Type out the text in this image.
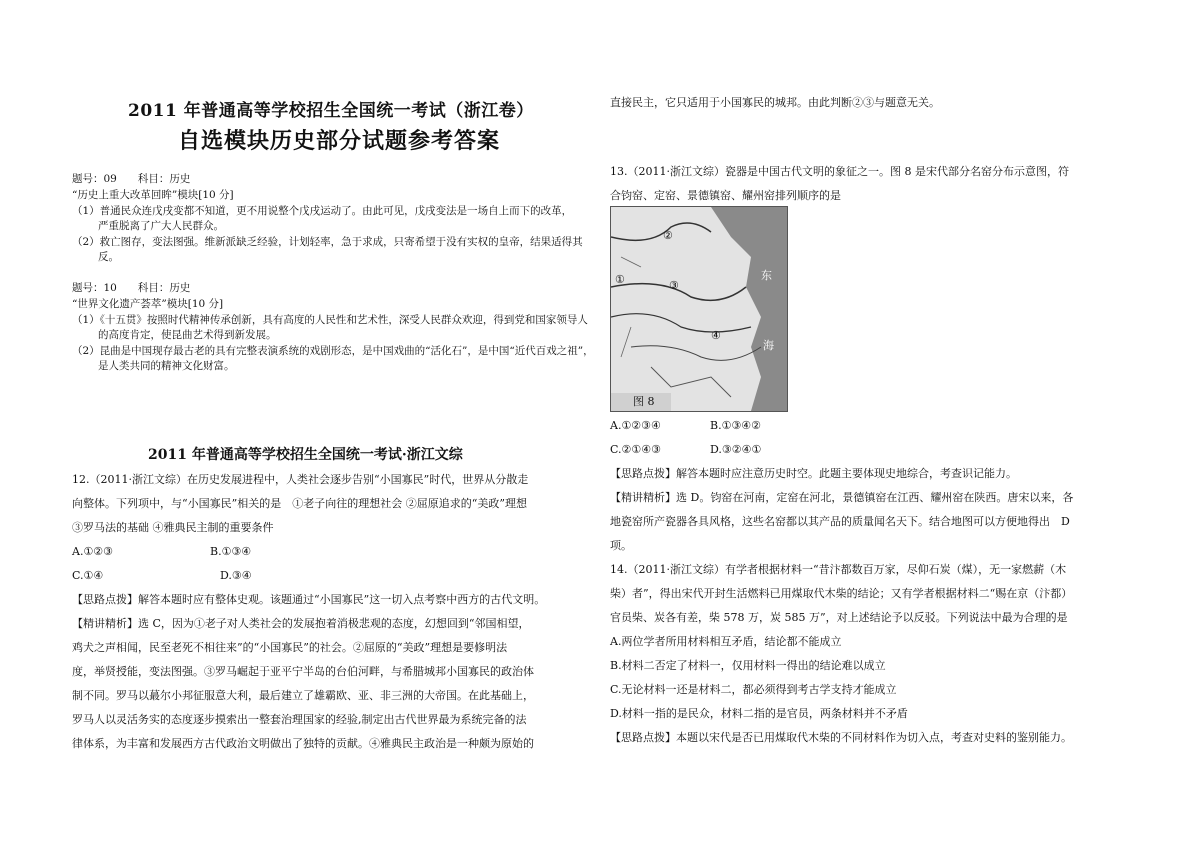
2011 年普通高等学校招生全国统一考试（浙江卷）
自选模块历史部分试题参考答案
题号：09　　科目：历史
“历史上重大改革回眸”模块[10 分]
（1）普通民众连戊戌变都不知道，更不用说整个戊戌运动了。由此可见，戊戌变法是一场自上而下的改革，
严重脱离了广大人民群众。
（2）救亡图存，变法图强。维新派缺乏经验，计划轻率，急于求成，只寄希望于没有实权的皇帝，结果适得其
反。
题号：10　　科目：历史
“世界文化遗产荟萃”模块[10 分]
（1）《十五贯》按照时代精神传承创新，具有高度的人民性和艺术性，深受人民群众欢迎，得到党和国家领导人
的高度肯定，使昆曲艺术得到新发展。
（2）昆曲是中国现存最古老的具有完整表演系统的戏剧形态，是中国戏曲的“活化石”，是中国“近代百戏之祖”，
是人类共同的精神文化财富。
2011 年普通高等学校招生全国统一考试·浙江文综
12.（2011·浙江文综）在历史发展进程中，人类社会逐步告别“小国寡民”时代，世界从分散走
向整体。下列项中，与“小国寡民”相关的是　①老子向往的理想社会 ②屈原追求的“美政”理想
③罗马法的基础 ④雅典民主制的重要条件
A.①②③	B.①③④
C.①④	D.③④
【思路点拨】解答本题时应有整体史观。该题通过“小国寡民”这一切入点考察中西方的古代文明。
【精讲精析】选 C，因为①老子对人类社会的发展抱着消极悲观的态度，幻想回到“邻国相望，
鸡犬之声相闻，民至老死不相往来”的“小国寡民”的社会。②屈原的“美政”理想是要修明法
度，举贤授能，变法图强。③罗马崛起于亚平宁半岛的台伯河畔，与希腊城邦小国寡民的政治体
制不同。罗马以蕞尔小邦征服意大利，最后建立了雄霸欧、亚、非三洲的大帝国。在此基础上，
罗马人以灵活务实的态度逐步摸索出一整套治理国家的经验,制定出古代世界最为系统完备的法
律体系，为丰富和发展西方古代政治文明做出了独特的贡献。④雅典民主政治是一种颇为原始的
直接民主，它只适用于小国寡民的城邦。由此判断②③与题意无关。
13.（2011·浙江文综）瓷器是中国古代文明的象征之一。图 8 是宋代部分名窑分布示意图，符
合钧窑、定窑、景德镇窑、耀州窑排列顺序的是
①
②
③
④
东
海
图 8
A.①②③④	B.①③④②
C.②①④③	D.③②④①
【思路点拨】解答本题时应注意历史时空。此题主要体现史地综合，考查识记能力。
【精讲精析】选 D。钧窑在河南，定窑在河北，景德镇窑在江西、耀州窑在陕西。唐宋以来，各
地瓷窑所产瓷器各具风格，这些名窑都以其产品的质量闻名天下。结合地图可以方便地得出　D
项。
14.（2011·浙江文综）有学者根据材料一“昔汴都数百万家，尽仰石炭（煤），无一家燃薪（木
柴）者”，得出宋代开封生活燃料已用煤取代木柴的结论；又有学者根据材料二“赐在京（汴都）
官员柴、炭各有差，柴 578 万，炭 585 万”，对上述结论予以反驳。下列说法中最为合理的是
A.两位学者所用材料相互矛盾，结论都不能成立
B.材料二否定了材料一，仅用材料一得出的结论难以成立
C.无论材料一还是材料二，都必须得到考古学支持才能成立
D.材料一指的是民众，材料二指的是官员，两条材料并不矛盾
【思路点拨】本题以宋代是否已用煤取代木柴的不同材料作为切入点，考查对史料的鉴别能力。
